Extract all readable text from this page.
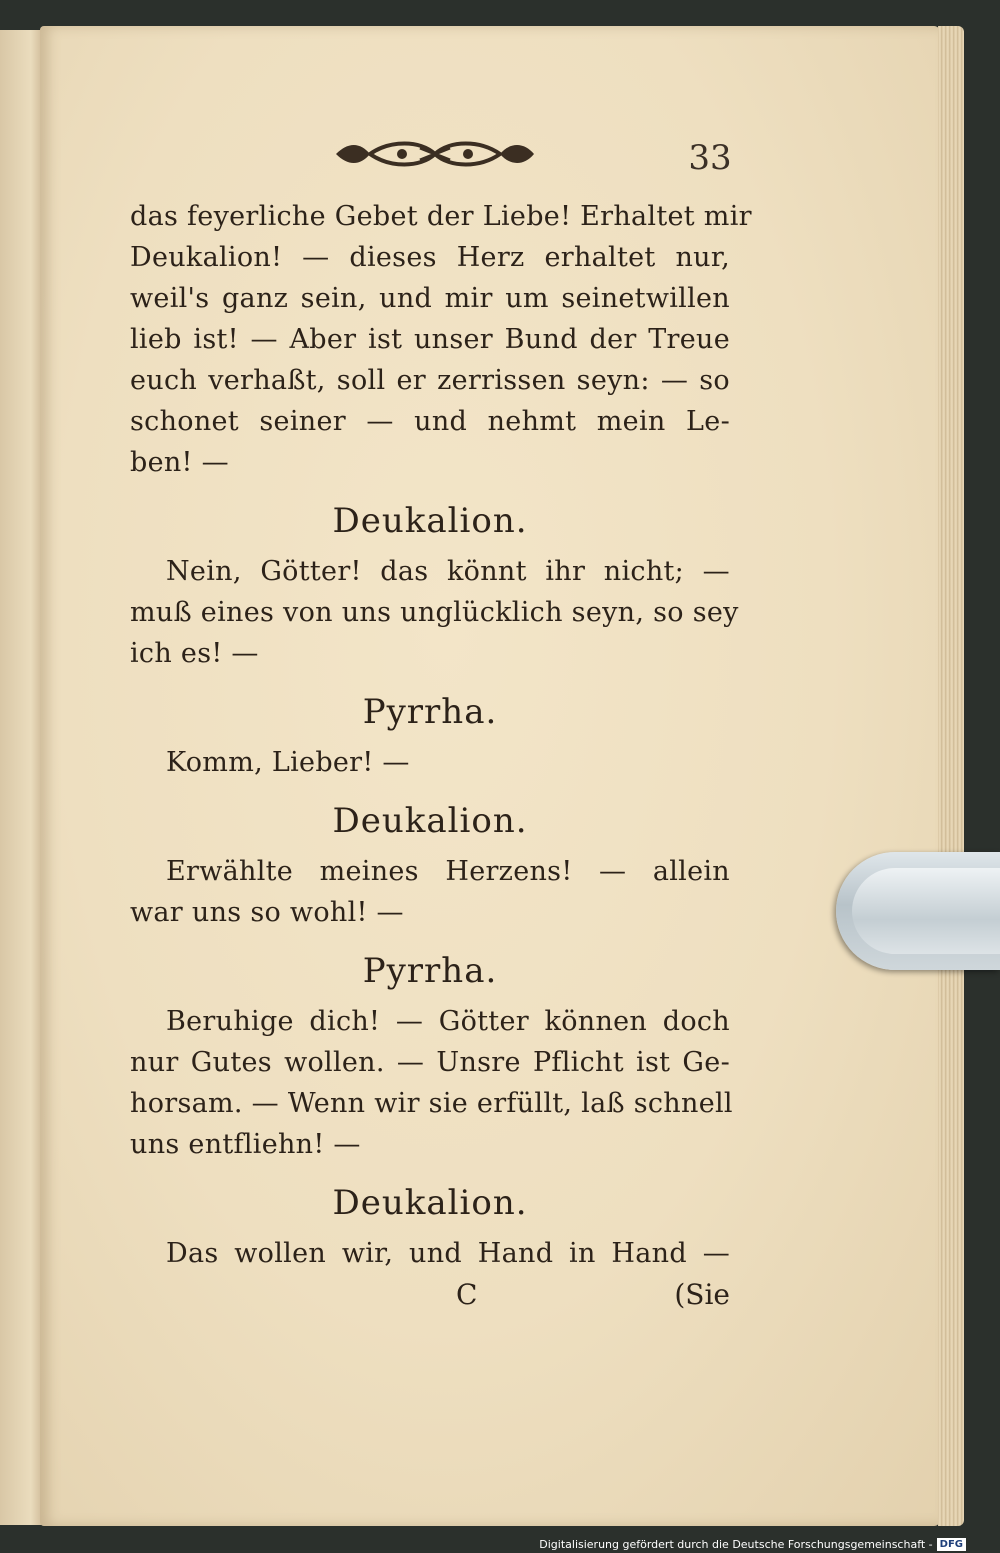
33
das feyerliche Gebet der Liebe! Erhaltet mir
Deukalion! — dieses Herz erhaltet nur,
weil's ganz sein, und mir um seinetwillen
lieb ist! — Aber ist unser Bund der Treue
euch verhaßt, soll er zerrissen seyn: — so
schonet seiner — und nehmt mein Le-
ben! —
Deukalion.
Nein, Götter! das könnt ihr nicht; —
muß eines von uns unglücklich seyn, so sey
ich es! —
Pyrrha.
Komm, Lieber! —
Deukalion.
Erwählte meines Herzens! — allein
war uns so wohl! —
Pyrrha.
Beruhige dich! — Götter können doch
nur Gutes wollen. — Unsre Pflicht ist Ge-
horsam. — Wenn wir sie erfüllt, laß schnell
uns entfliehn! —
Deukalion.
Das wollen wir, und Hand in Hand —
C	(Sie
Digitalisierung gefördert durch die Deutsche Forschungsgemeinschaft - DFG
